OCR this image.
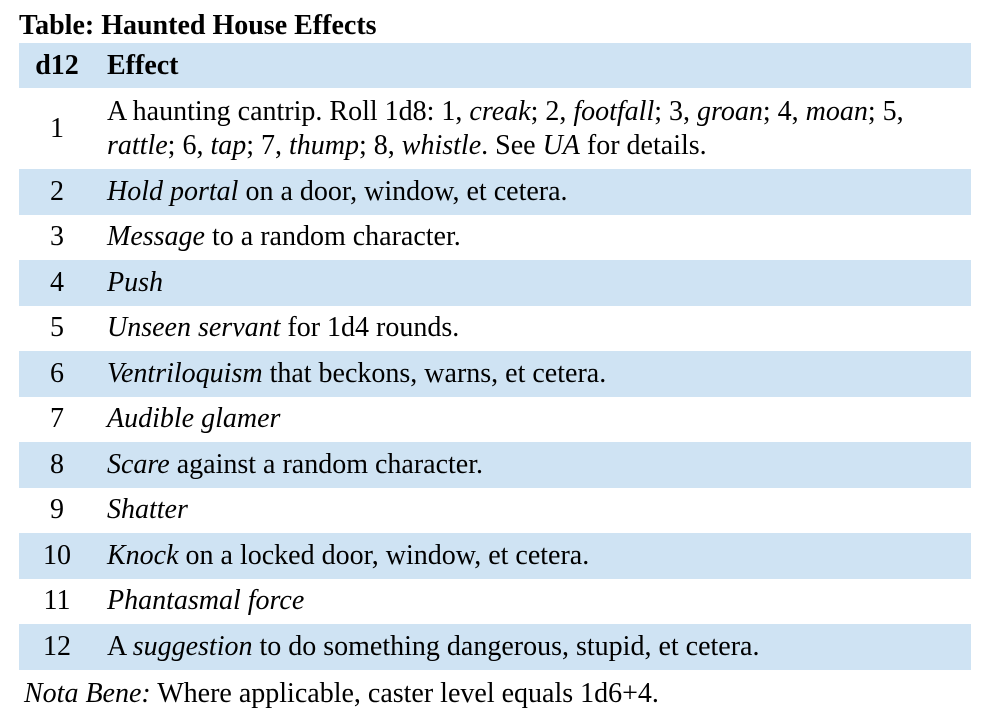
Table: Haunted House Effects
d12	Effect
1	A haunting cantrip. Roll 1d8: 1, creak; 2, footfall; 3, groan; 4, moan; 5, rattle; 6, tap; 7, thump; 8, whistle. See UA for details.
2	Hold portal on a door, window, et cetera.
3	Message to a random character.
4	Push
5	Unseen servant for 1d4 rounds.
6	Ventriloquism that beckons, warns, et cetera.
7	Audible glamer
8	Scare against a random character.
9	Shatter
10	Knock on a locked door, window, et cetera.
11	Phantasmal force
12	A suggestion to do something dangerous, stupid, et cetera.
Nota Bene: Where applicable, caster level equals 1d6+4.
